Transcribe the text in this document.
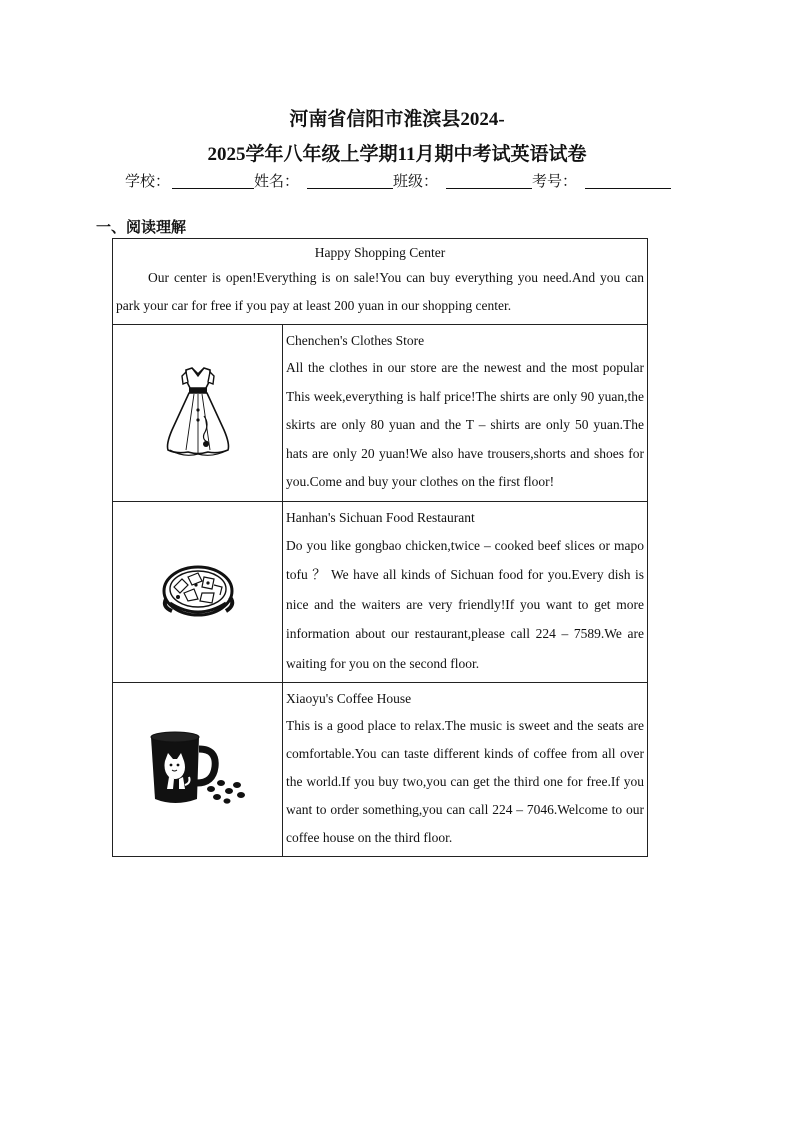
河南省信阳市淮滨县2024-
2025学年八年级上学期11月期中考试英语试卷
学校：	姓名：	班级：	考号：
一、阅读理解
Happy Shopping Center
Our center is open!Everything is on sale!You can buy everything you need.And you can park your car for free if you pay at least 200 yuan in our shopping center.	

Chenchen's Clothes Store
All the clothes in our store are the newest and the most popular This week,everything is half price!The shirts are only 90 yuan,the skirts are only 80 yuan and the T – shirts are only 50 yuan.The hats are only 20 yuan!We also have trousers,shorts and shoes for you.Come and buy your clothes on the first floor!

Hanhan's Sichuan Food Restaurant
Do you like gongbao chicken,twice – cooked beef slices or mapo tofu ？ We have all kinds of Sichuan food for you.Every dish is nice and the waiters are very friendly!If you want to get more information about our restaurant,please call 224 – 7589.We are waiting for you on the second floor.

Xiaoyu's Coffee House
This is a good place to relax.The music is sweet and the seats are comfortable.You can taste different kinds of coffee from all over the world.If you buy two,you can get the third one for free.If you want to order something,you can call 224 – 7046.Welcome to our coffee house on the third floor.
